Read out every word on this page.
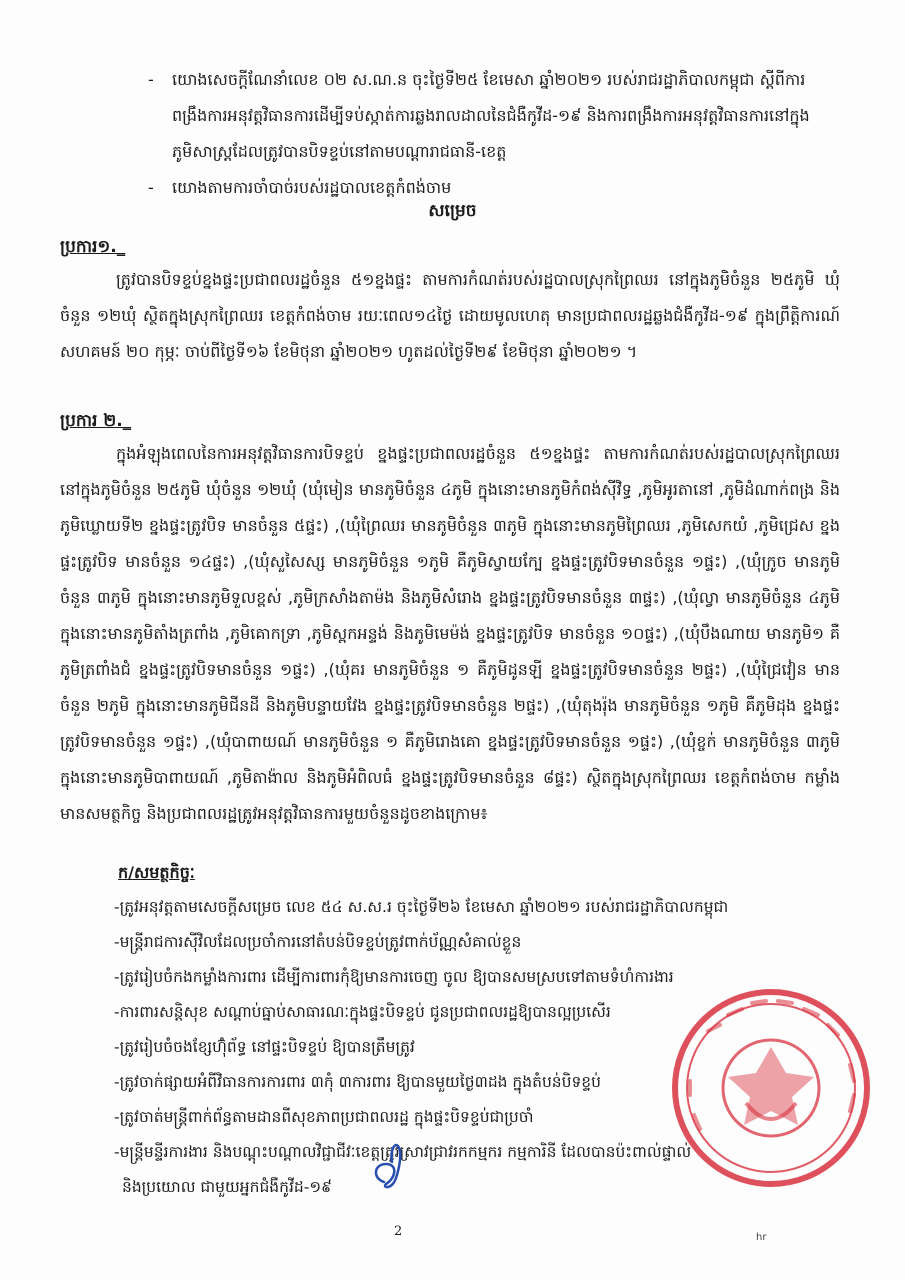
-	យោងសេចក្ដីណែនាំលេខ ០២ ស.ណ.ន ចុះថ្ងៃទី២៥ ខែមេសា ឆ្នាំ២០២១ របស់រាជរដ្ឋាភិបាលកម្ពុជា ស្ដីពីការពង្រឹងការអនុវត្តវិធានការដើម្បីទប់ស្កាត់ការឆ្លងរាលដាលនៃជំងឺកូវីដ-១៩ និងការពង្រឹងការអនុវត្តវិធានការនៅក្នុងភូមិសាស្ត្រដែលត្រូវបានបិទខ្ទប់នៅតាមបណ្ដារាជធានី-ខេត្ត

-	យោងតាមការចាំបាច់របស់រដ្ឋបាលខេត្តកំពង់ចាម

សម្រេច
ប្រការ១._

ត្រូវបានបិទខ្ទប់ខ្នងផ្ទះប្រជាពលរដ្ឋចំនួន ៥១ខ្នងផ្ទះ តាមការកំណត់របស់រដ្ឋបាលស្រុកព្រៃឈរ នៅក្នុងភូមិចំនួន ២៥ភូមិ ឃុំចំនួន ១២ឃុំ ស្ថិតក្នុងស្រុកព្រៃឈរ ខេត្តកំពង់ចាម រយៈពេល១៤ថ្ងៃ ដោយមូលហេតុ មានប្រជាពលរដ្ឋឆ្លងជំងឺកូវីដ-១៩ ក្នុងព្រឹត្តិការណ៍សហគមន៍ ២០ កុម្ភៈ ចាប់ពីថ្ងៃទី១៦ ខែមិថុនា ឆ្នាំ២០២១ ហូតដល់ថ្ងៃទី២៩ ខែមិថុនា ឆ្នាំ២០២១ ។

ប្រការ ២._

ក្នុងអំឡុងពេលនៃការអនុវត្តវិធានការបិទខ្ទប់ ខ្នងផ្ទះប្រជាពលរដ្ឋចំនួន ៥១ខ្នងផ្ទះ តាមការកំណត់របស់រដ្ឋបាលស្រុកព្រៃឈរ នៅក្នុងភូមិចំនួន ២៥ភូមិ ឃុំចំនួន ១២ឃុំ (ឃុំមៀន មានភូមិចំនួន ៤ភូមិ ក្នុងនោះមានភូមិកំពង់ស៊ីវិទ្ធ ,ភូមិអូរតានៅ ,ភូមិដំណាក់ពង្រ និងភូមិឃ្លោយទី២ ខ្នងផ្ទះត្រូវបិទ មានចំនួន ៥ផ្ទះ) ,(ឃុំព្រៃឈរ មានភូមិចំនួន ៣ភូមិ ក្នុងនោះមានភូមិព្រៃឈរ ,ភូមិសេកយំ ,ភូមិជ្រេស ខ្នងផ្ទះត្រូវបិទ មានចំនួន ១៤ផ្ទះ) ,(ឃុំសួសៃស្ស មានភូមិចំនួន ១ភូមិ គឺភូមិស្វាយក្បែ ខ្នងផ្ទះត្រូវបិទមានចំនួន ១ផ្ទះ) ,(ឃុំក្រូច មានភូមិចំនួន ៣ភូមិ ក្នុងនោះមានភូមិទួលខ្ពស់ ,ភូមិក្រសាំងតាម៉ង និងភូមិសំរោង ខ្នងផ្ទះត្រូវបិទមានចំនួន ៣ផ្ទះ) ,(ឃុំល្វា មានភូមិចំនួន ៤ភូមិ ក្នុងនោះមានភូមិតាំងត្រពាំង ,ភូមិគោកទ្រា ,ភូមិស្ពកអន្ទង់ និងភូមិមេម៉ង់ ខ្នងផ្ទះត្រូវបិទ មានចំនួន ១០ផ្ទះ) ,(ឃុំបឹងណាយ មានភូមិ១ គឺភូមិត្រពាំងជំ ខ្នងផ្ទះត្រូវបិទមានចំនួន ១ផ្ទះ) ,(ឃុំគរ មានភូមិចំនួន ១ គឺភូមិដូនឡី ខ្នងផ្ទះត្រូវបិទមានចំនួន ២ផ្ទះ) ,(ឃុំជ្រៃវៀន មានចំនួន ២ភូមិ ក្នុងនោះមានភូមិជីនដី និងភូមិបន្ទាយវែង ខ្នងផ្ទះត្រូវបិទមានចំនួន ២ផ្ទះ) ,(ឃុំតុងរ៉ុង មានភូមិចំនួន ១ភូមិ គឺភូមិដុង ខ្នងផ្ទះត្រូវបិទមានចំនួន ១ផ្ទះ) ,(ឃុំបាពាយណ៍ មានភូមិចំនួន ១ គឺភូមិរោងគោ ខ្នងផ្ទះត្រូវបិទមានចំនួន ១ផ្ទះ) ,(ឃុំខ្ចក់ មានភូមិចំនួន ៣ភូមិ ក្នុងនោះមានភូមិបាពាយណ៍ ,ភូមិតាង៉ាល និងភូមិអំពិលធំ ខ្នងផ្ទះត្រូវបិទមានចំនួន ៨ផ្ទះ) ស្ថិតក្នុងស្រុកព្រៃឈរ ខេត្តកំពង់ចាម កម្លាំងមានសមត្ថកិច្ច និងប្រជាពលរដ្ឋត្រូវអនុវត្តវិធានការមួយចំនួនដូចខាងក្រោម៖

ក/សមត្ថកិច្ចៈ
-ត្រូវអនុវត្តតាមសេចក្ដីសម្រេច លេខ ៥៤ ស.ស.រ ចុះថ្ងៃទី២៦ ខែមេសា ឆ្នាំ២០២១ របស់រាជរដ្ឋាភិបាលកម្ពុជា
-មន្ត្រីរាជការស៊ីវិលដែលប្រចាំការនៅតំបន់បិទខ្ទប់ត្រូវពាក់ប័ណ្ណសំគាល់ខ្លួន
-ត្រូវរៀបចំកងកម្លាំងការពារ ដើម្បីការពារកុំឱ្យមានការចេញ ចូល ឱ្យបានសមស្របទៅតាមទំហំការងារ
-ការពារសន្តិសុខ សណ្ដាប់ធ្នាប់សាធារណៈក្នុងផ្ទះបិទខ្ទប់ ជូនប្រជាពលរដ្ឋឱ្យបានល្អប្រសើរ
-ត្រូវរៀបចំចងខ្សែហ៊ុំព័ទ្ធ នៅផ្ទះបិទខ្ទប់ ឱ្យបានត្រឹមត្រូវ
-ត្រូវចាក់ផ្សាយអំពីវិធានការការពារ ៣កុំ ៣ការពារ ឱ្យបានមួយថ្ងៃ៣ដង ក្នុងតំបន់បិទខ្ទប់
-ត្រូវចាត់មន្ត្រីពាក់ព័ន្ធតាមដានពីសុខភាពប្រជាពលរដ្ឋ ក្នុងផ្ទះបិទខ្ទប់ជាប្រចាំ
-មន្ត្រីមន្ទីរការងារ និងបណ្ដុះបណ្ដាលវិជ្ជាជីវៈខេត្តត្រូវស្រាវជ្រាវរកកម្មករ កម្មការិនី ដែលបានប៉ះពាល់ផ្ទាល់
និងប្រយោល ជាមួយអ្នកជំងឺកូវីដ-១៩
2	hr
